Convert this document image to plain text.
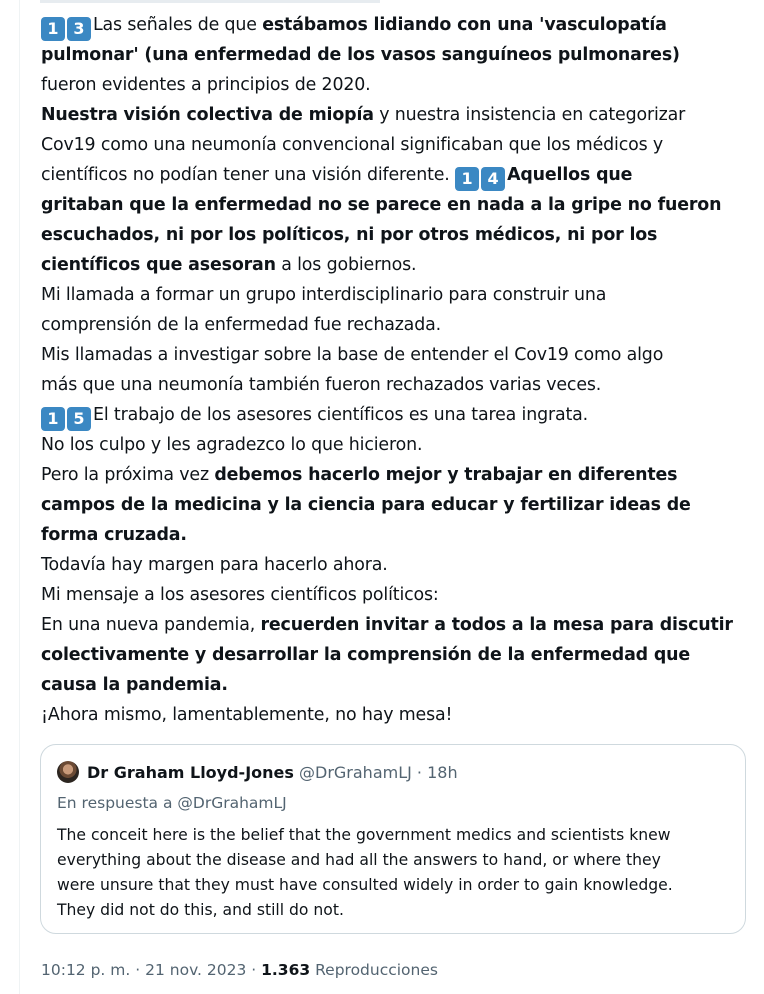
1 3 Las señales de que estábamos lidiando con una 'vasculopatía
pulmonar' (una enfermedad de los vasos sanguíneos pulmonares)
fueron evidentes a principios de 2020.
Nuestra visión colectiva de miopía y nuestra insistencia en categorizar
Cov19 como una neumonía convencional significaban que los médicos y
científicos no podían tener una visión diferente. 1 4 Aquellos que
gritaban que la enfermedad no se parece en nada a la gripe no fueron
escuchados, ni por los políticos, ni por otros médicos, ni por los
científicos que asesoran a los gobiernos.
Mi llamada a formar un grupo interdisciplinario para construir una
comprensión de la enfermedad fue rechazada.
Mis llamadas a investigar sobre la base de entender el Cov19 como algo
más que una neumonía también fueron rechazados varias veces.
1 5 El trabajo de los asesores científicos es una tarea ingrata.
No los culpo y les agradezco lo que hicieron.
Pero la próxima vez debemos hacerlo mejor y trabajar en diferentes
campos de la medicina y la ciencia para educar y fertilizar ideas de
forma cruzada.
Todavía hay margen para hacerlo ahora.
Mi mensaje a los asesores científicos políticos:
En una nueva pandemia, recuerden invitar a todos a la mesa para discutir
colectivamente y desarrollar la comprensión de la enfermedad que
causa la pandemia.
¡Ahora mismo, lamentablemente, no hay mesa!
Dr Graham Lloyd-Jones @DrGrahamLJ · 18h
En respuesta a @DrGrahamLJ
The conceit here is the belief that the government medics and scientists knew
everything about the disease and had all the answers to hand, or where they
were unsure that they must have consulted widely in order to gain knowledge.
They did not do this, and still do not.
10:12 p. m. · 21 nov. 2023 · 1.363 Reproducciones
